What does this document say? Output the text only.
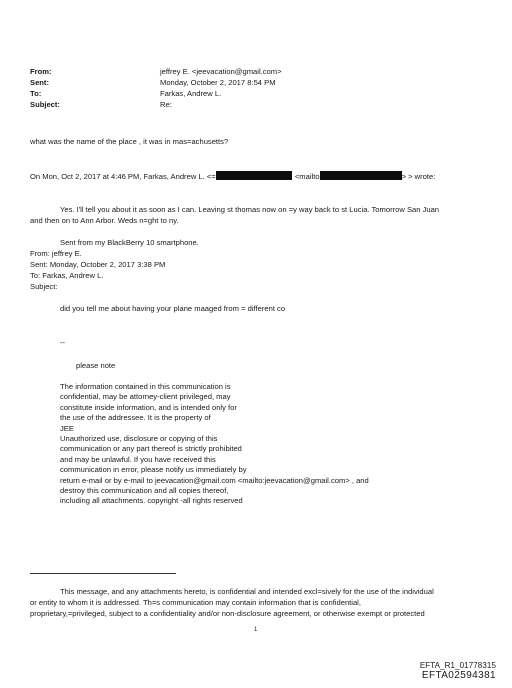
From:	jeffrey E. <jeevacation@gmail.com>
Sent:	Monday, October 2, 2017 8:54 PM
To:	Farkas, Andrew L.
Subject:	Re:
what was the name of the place , it was in mas=achusetts?
On Mon, Oct 2, 2017 at 4:46 PM, Farkas, Andrew L. <=	<mailto	> > wrote:
Yes. I'll tell you about it as soon as I can. Leaving st thomas now on =y way back to st Lucia. Tomorrow San Juan
and then on to Ann Arbor. Weds n=ght to ny.
Sent from my BlackBerry 10 smartphone.
From: jeffrey E.
Sent: Monday, October 2, 2017 3:38 PM
To: Farkas, Andrew L.
Subject:
did you tell me about having your plane maaged from = different co
--
please note
The information contained in this communication is
confidential, may be attorney-client privileged, may
constitute inside information, and is intended only for
the use of the addressee. It is the property of
JEE
Unauthorized use, disclosure or copying of this
communication or any part thereof is strictly prohibited
and may be unlawful. If you have received this
communication in error, please notify us immediately by
return e-mail or by e-mail to jeevacation@gmail.com <mailto:jeevacation@gmail.com> , and
destroy this communication and all copies thereof,
including all attachments. copyright -all rights reserved
This message, and any attachments hereto, is confidential and intended excl=sively for the use of the individual
or entity to whom it is addressed. Th=s communication may contain information that is confidential,
proprietary,=privileged, subject to a confidentiality and/or non-disclosure agreement, or otherwise exempt or protected
1
EFTA_R1_01778315
EFTA02594381
